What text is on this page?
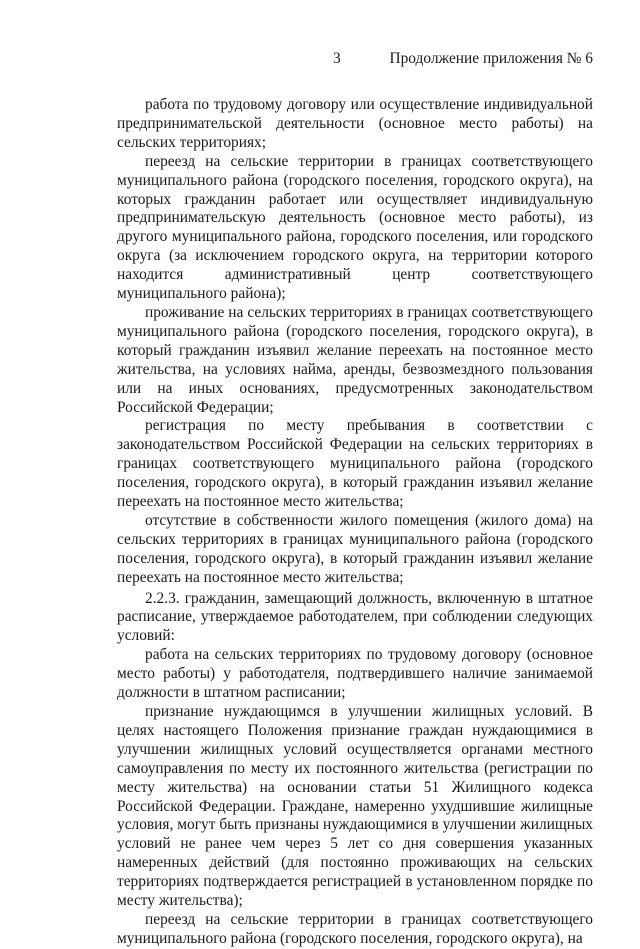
3	Продолжение приложения № 6

работа по трудовому договору или осуществление индивидуальной предпринимательской деятельности (основное место работы) на сельских территориях;

переезд на сельские территории в границах соответствующего муниципального района (городского поселения, городского округа), на которых гражданин работает или осуществляет индивидуальную предпринимательскую деятельность (основное место работы), из другого муниципального района, городского поселения, или городского округа (за исключением городского округа, на территории которого находится административный центр соответствующего муниципального района);

проживание на сельских территориях в границах соответствующего муниципального района (городского поселения, городского округа), в который гражданин изъявил желание переехать на постоянное место жительства, на условиях найма, аренды, безвозмездного пользования или на иных основаниях, предусмотренных законодательством Российской Федерации;

регистрация по месту пребывания в соответствии с законодательством Российской Федерации на сельских территориях в границах соответствующего муниципального района (городского поселения, городского округа), в который гражданин изъявил желание переехать на постоянное место жительства;

отсутствие в собственности жилого помещения (жилого дома) на сельских территориях в границах муниципального района (городского поселения, городского округа), в который гражданин изъявил желание переехать на постоянное место жительства;

2.2.3. гражданин, замещающий должность, включенную в штатное расписание, утверждаемое работодателем, при соблюдении следующих условий:

работа на сельских территориях по трудовому договору (основное место работы) у работодателя, подтвердившего наличие занимаемой должности в штатном расписании;

признание нуждающимся в улучшении жилищных условий. В целях настоящего Положения признание граждан нуждающимися в улучшении жилищных условий осуществляется органами местного самоуправления по месту их постоянного жительства (регистрации по месту жительства) на основании статьи 51 Жилищного кодекса Российской Федерации. Граждане, намеренно ухудшившие жилищные условия, могут быть признаны нуждающимися в улучшении жилищных условий не ранее чем через 5 лет со дня совершения указанных намеренных действий (для постоянно проживающих на сельских территориях подтверждается регистрацией в установленном порядке по месту жительства);

переезд на сельские территории в границах соответствующего муниципального района (городского поселения, городского округа), на
